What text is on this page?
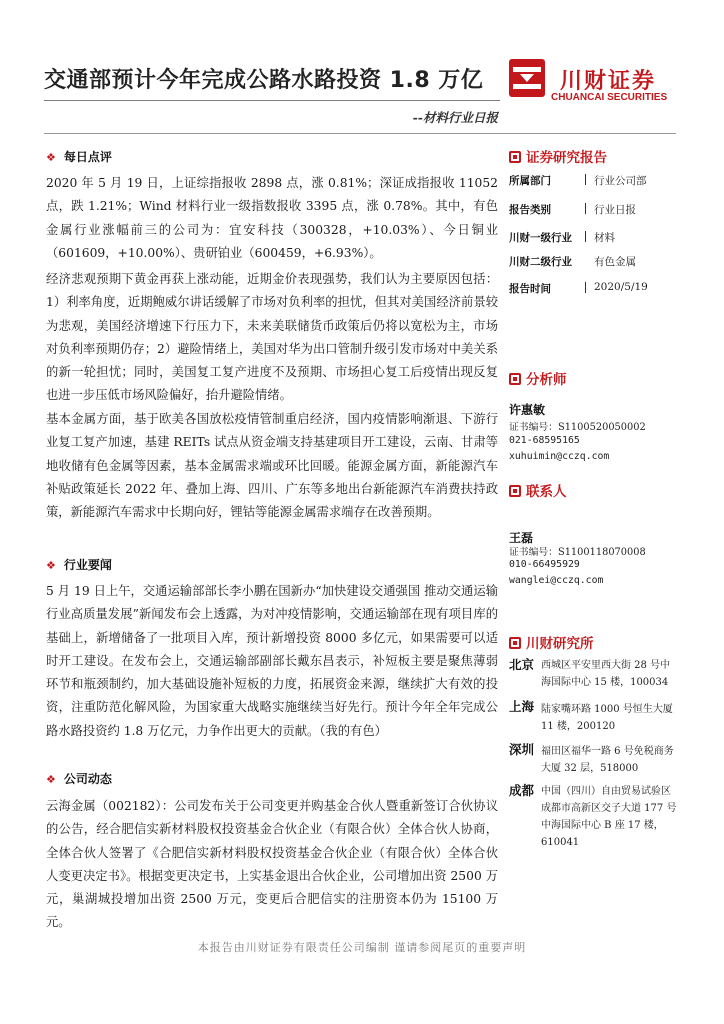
交通部预计今年完成公路水路投资 1.8 万亿	川财证券
CHUANCAI SECURITIES
--材料行业日报
❖ 每日点评
2020 年 5 月 19 日，上证综指报收 2898 点，涨 0.81%；深证成指报收 11052 点，跌 1.21%；Wind 材料行业一级指数报收 3395 点，涨 0.78%。其中，有色金属行业涨幅前三的公司为：宜安科技（300328，+10.03%）、今日铜业（601609，+10.00%）、贵研铂业（600459，+6.93%）。
经济悲观预期下黄金再获上涨动能，近期金价表现强势，我们认为主要原因包括：1）利率角度，近期鲍威尔讲话缓解了市场对负利率的担忧，但其对美国经济前景较为悲观，美国经济增速下行压力下，未来美联储货币政策后仍将以宽松为主，市场对负利率预期仍存；2）避险情绪上，美国对华为出口管制升级引发市场对中美关系的新一轮担忧；同时，美国复工复产进度不及预期、市场担心复工后疫情出现反复也进一步压低市场风险偏好，抬升避险情绪。
基本金属方面，基于欧美各国放松疫情管制重启经济，国内疫情影响渐退、下游行业复工复产加速，基建 REITs 试点从资金端支持基建项目开工建设，云南、甘肃等地收储有色金属等因素，基本金属需求端或环比回暖。能源金属方面，新能源汽车补贴政策延长 2022 年、叠加上海、四川、广东等多地出台新能源汽车消费扶持政策，新能源汽车需求中长期向好，锂钴等能源金属需求端存在改善预期。
❖ 行业要闻
5 月 19 日上午，交通运输部部长李小鹏在国新办“加快建设交通强国 推动交通运输行业高质量发展”新闻发布会上透露，为对冲疫情影响，交通运输部在现有项目库的基础上，新增储备了一批项目入库，预计新增投资 8000 多亿元，如果需要可以适时开工建设。在发布会上，交通运输部副部长戴东昌表示，补短板主要是聚焦薄弱环节和瓶颈制约，加大基础设施补短板的力度，拓展资金来源，继续扩大有效的投资，注重防范化解风险，为国家重大战略实施继续当好先行。预计今年全年完成公路水路投资约 1.8 万亿元，力争作出更大的贡献。（我的有色）
❖ 公司动态
云海金属（002182）：公司发布关于公司变更并购基金合伙人暨重新签订合伙协议的公告，经合肥信实新材料股权投资基金合伙企业（有限合伙）全体合伙人协商，全体合伙人签署了《合肥信实新材料股权投资基金合伙企业（有限合伙）全体合伙人变更决定书》。根据变更决定书，上实基金退出合伙企业，公司增加出资 2500 万元，巢湖城投增加出资 2500 万元，变更后合肥信实的注册资本仍为 15100 万元。
证券研究报告
所属部门	行业公司部
报告类别	行业日报
川财一级行业 材料
川财二级行业 有色金属
报告时间	2020/5/19
分析师
许惠敏
证书编号：S1100520050002
021-68595165
xuhuimin@cczq.com
联系人
王磊
证书编号：S1100118070008
010-66495929
wanglei@cczq.com
川财研究所
北京 西城区平安里西大街 28 号中海国际中心 15 楼，100034
上海 陆家嘴环路 1000 号恒生大厦 11 楼，200120
深圳 福田区福华一路 6 号免税商务大厦 32 层，518000
成都 中国（四川）自由贸易试验区成都市高新区交子大道 177 号中海国际中心 B 座 17 楼，610041
本报告由川财证券有限责任公司编制 谨请参阅尾页的重要声明
